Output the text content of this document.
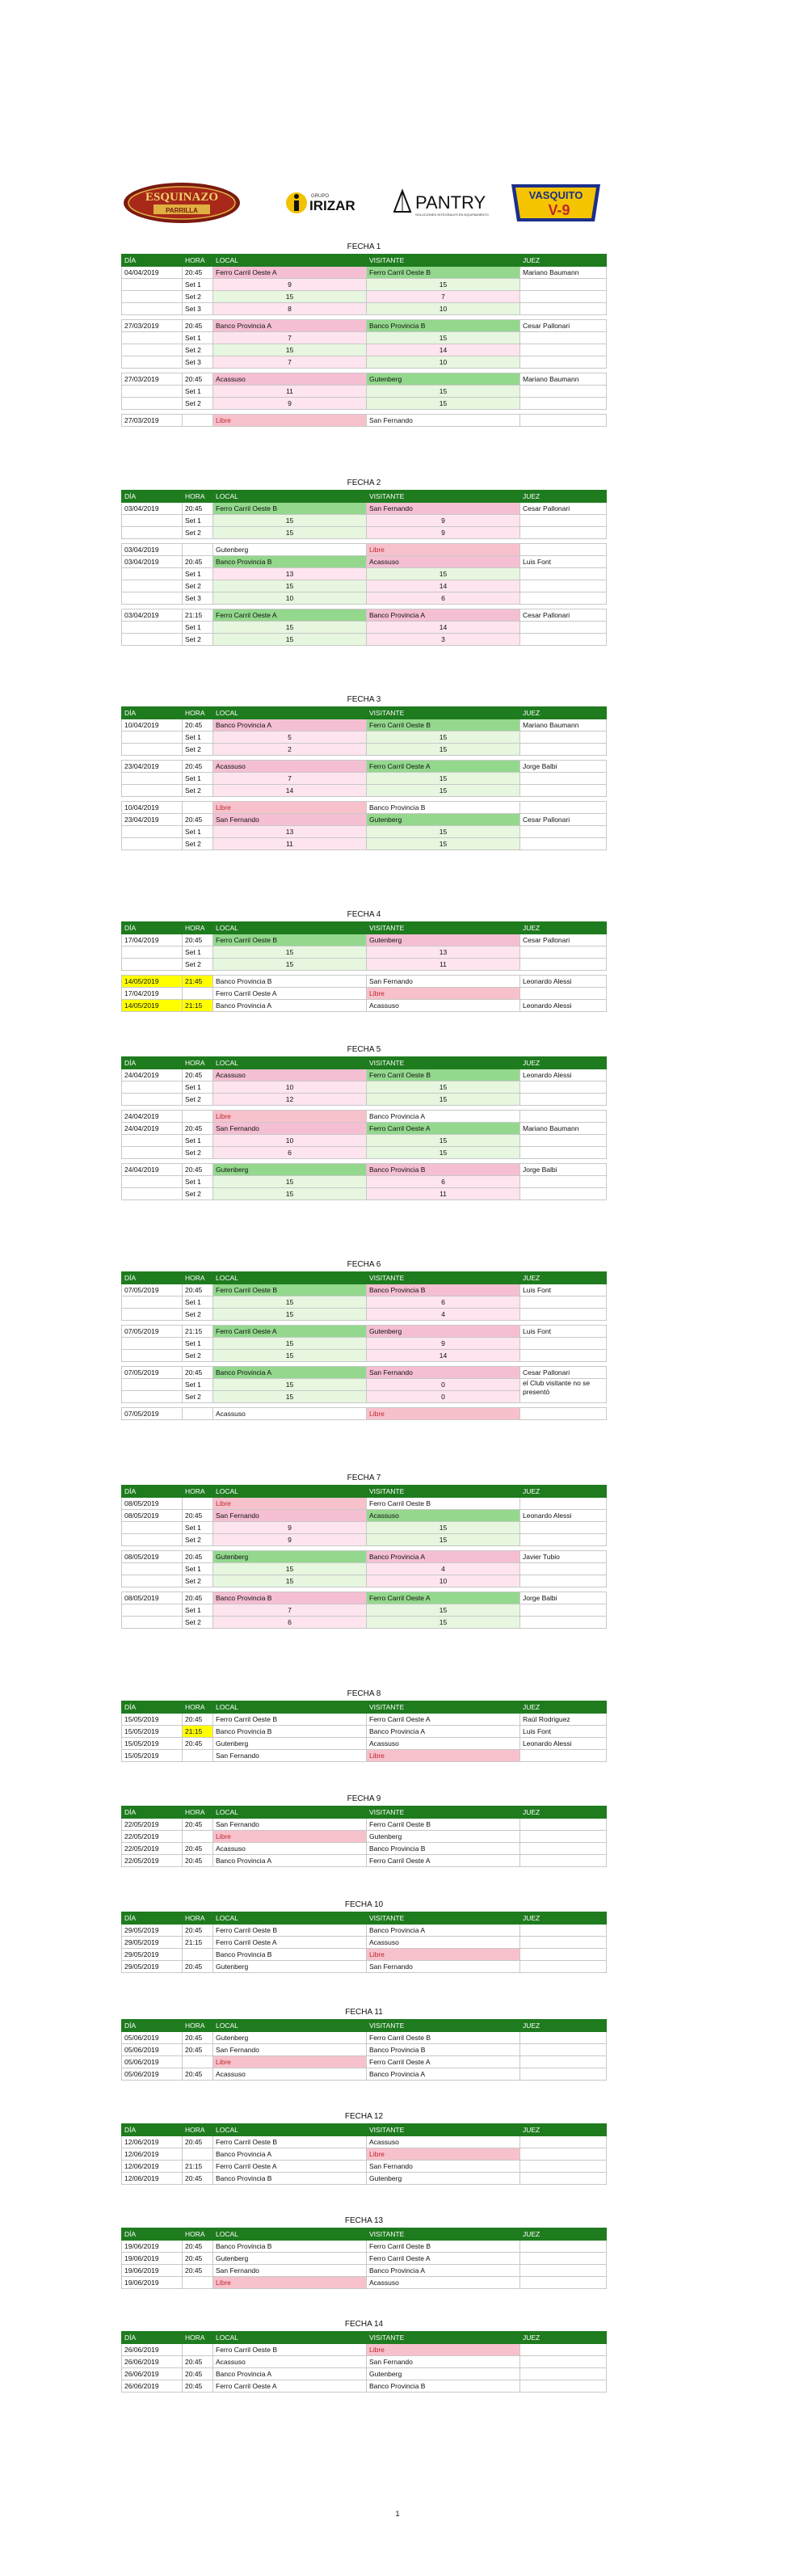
ESQUINAZO
PARRILLA
GRUPO
IRIZAR	PANTRY
SOLUCIONES INTEGRALES EN EQUIPAMIENTO
VASQUITO
V-9
FECHA 1
DÍA	HORA	LOCAL	VISITANTE	JUEZ
04/04/2019	20:45	Ferro Carril Oeste A	Ferro Carril Oeste B	Mariano Baumann
	Set 1	9	15	
	Set 2	15	7	
	Set 3	8	10	

27/03/2019	20:45	Banco Provincia A	Banco Provincia B	Cesar Pallonari
	Set 1	7	15	
	Set 2	15	14	
	Set 3	7	10	

27/03/2019	20:45	Acassuso	Gutenberg	Mariano Baumann
	Set 1	11	15	
	Set 2	9	15	

27/03/2019		Libre	San Fernando	
FECHA 2
DÍA	HORA	LOCAL	VISITANTE	JUEZ
03/04/2019	20:45	Ferro Carril Oeste B	San Fernando	Cesar Pallonari
	Set 1	15	9	
	Set 2	15	9	

03/04/2019		Gutenberg	Libre	
03/04/2019	20:45	Banco Provincia B	Acassuso	Luis Font
	Set 1	13	15	
	Set 2	15	14	
	Set 3	10	6	

03/04/2019	21:15	Ferro Carril Oeste A	Banco Provincia A	Cesar Pallonari
	Set 1	15	14	
	Set 2	15	3	
FECHA 3
DÍA	HORA	LOCAL	VISITANTE	JUEZ
10/04/2019	20:45	Banco Provincia A	Ferro Carril Oeste B	Mariano Baumann
	Set 1	5	15	
	Set 2	2	15	

23/04/2019	20:45	Acassuso	Ferro Carril Oeste A	Jorge Balbi
	Set 1	7	15	
	Set 2	14	15	

10/04/2019		Libre	Banco Provincia B	
23/04/2019	20:45	San Fernando	Gutenberg	Cesar Pallonari
	Set 1	13	15	
	Set 2	11	15	
FECHA 4
DÍA	HORA	LOCAL	VISITANTE	JUEZ
17/04/2019	20:45	Ferro Carril Oeste B	Gutenberg	Cesar Pallonari
	Set 1	15	13	
	Set 2	15	11	

14/05/2019	21:45	Banco Provincia B	San Fernando	Leonardo Alessi
17/04/2019		Ferro Carril Oeste A	Libre	
14/05/2019	21:15	Banco Provincia A	Acassuso	Leonardo Alessi
FECHA 5
DÍA	HORA	LOCAL	VISITANTE	JUEZ
24/04/2019	20:45	Acassuso	Ferro Carril Oeste B	Leonardo Alessi
	Set 1	10	15	
	Set 2	12	15	

24/04/2019		Libre	Banco Provincia A	
24/04/2019	20:45	San Fernando	Ferro Carril Oeste A	Mariano Baumann
	Set 1	10	15	
	Set 2	6	15	

24/04/2019	20:45	Gutenberg	Banco Provincia B	Jorge Balbi
	Set 1	15	6	
	Set 2	15	11	
FECHA 6
DÍA	HORA	LOCAL	VISITANTE	JUEZ
07/05/2019	20:45	Ferro Carril Oeste B	Banco Provincia B	Luis Font
	Set 1	15	6	
	Set 2	15	4	

07/05/2019	21:15	Ferro Carril Oeste A	Gutenberg	Luis Font
	Set 1	15	9	
	Set 2	15	14	

07/05/2019	20:45	Banco Provincia A	San Fernando	Cesar Pallonari
	Set 1	15	0	el Club visitante no se presentó
	Set 2	15	0	

07/05/2019		Acassuso	Libre	
FECHA 7
DÍA	HORA	LOCAL	VISITANTE	JUEZ
08/05/2019		Libre	Ferro Carril Oeste B	
08/05/2019	20:45	San Fernando	Acassuso	Leonardo Alessi
	Set 1	9	15	
	Set 2	9	15	

08/05/2019	20:45	Gutenberg	Banco Provincia A	Javier Tubio
	Set 1	15	4	
	Set 2	15	10	

08/05/2019	20:45	Banco Provincia B	Ferro Carril Oeste A	Jorge Balbi
	Set 1	7	15	
	Set 2	6	15	
FECHA 8
DÍA	HORA	LOCAL	VISITANTE	JUEZ
15/05/2019	20:45	Ferro Carril Oeste B	Ferro Carril Oeste A	Raúl Rodriguez
15/05/2019	21:15	Banco Provincia B	Banco Provincia A	Luis Font
15/05/2019	20:45	Gutenberg	Acassuso	Leonardo Alessi
15/05/2019		San Fernando	Libre	
FECHA 9
DÍA	HORA	LOCAL	VISITANTE	JUEZ
22/05/2019	20:45	San Fernando	Ferro Carril Oeste B	
22/05/2019		Libre	Gutenberg	
22/05/2019	20:45	Acassuso	Banco Provincia B	
22/05/2019	20:45	Banco Provincia A	Ferro Carril Oeste A	
FECHA 10
DÍA	HORA	LOCAL	VISITANTE	JUEZ
29/05/2019	20:45	Ferro Carril Oeste B	Banco Provincia A	
29/05/2019	21:15	Ferro Carril Oeste A	Acassuso	
29/05/2019		Banco Provincia B	Libre	
29/05/2019	20:45	Gutenberg	San Fernando	
FECHA 11
DÍA	HORA	LOCAL	VISITANTE	JUEZ
05/06/2019	20:45	Gutenberg	Ferro Carril Oeste B	
05/06/2019	20:45	San Fernando	Banco Provincia B	
05/06/2019		Libre	Ferro Carril Oeste A	
05/06/2019	20:45	Acassuso	Banco Provincia A	
FECHA 12
DÍA	HORA	LOCAL	VISITANTE	JUEZ
12/06/2019	20:45	Ferro Carril Oeste B	Acassuso	
12/06/2019		Banco Provincia A	Libre	
12/06/2019	21:15	Ferro Carril Oeste A	San Fernando	
12/06/2019	20:45	Banco Provincia B	Gutenberg	
FECHA 13
DÍA	HORA	LOCAL	VISITANTE	JUEZ
19/06/2019	20:45	Banco Provincia B	Ferro Carril Oeste B	
19/06/2019	20:45	Gutenberg	Ferro Carril Oeste A	
19/06/2019	20:45	San Fernando	Banco Provincia A	
19/06/2019		Libre	Acassuso	
FECHA 14
DÍA	HORA	LOCAL	VISITANTE	JUEZ
26/06/2019		Ferro Carril Oeste B	Libre	
26/06/2019	20:45	Acassuso	San Fernando	
26/06/2019	20:45	Banco Provincia A	Gutenberg	
26/06/2019	20:45	Ferro Carril Oeste A	Banco Provincia B	
1
